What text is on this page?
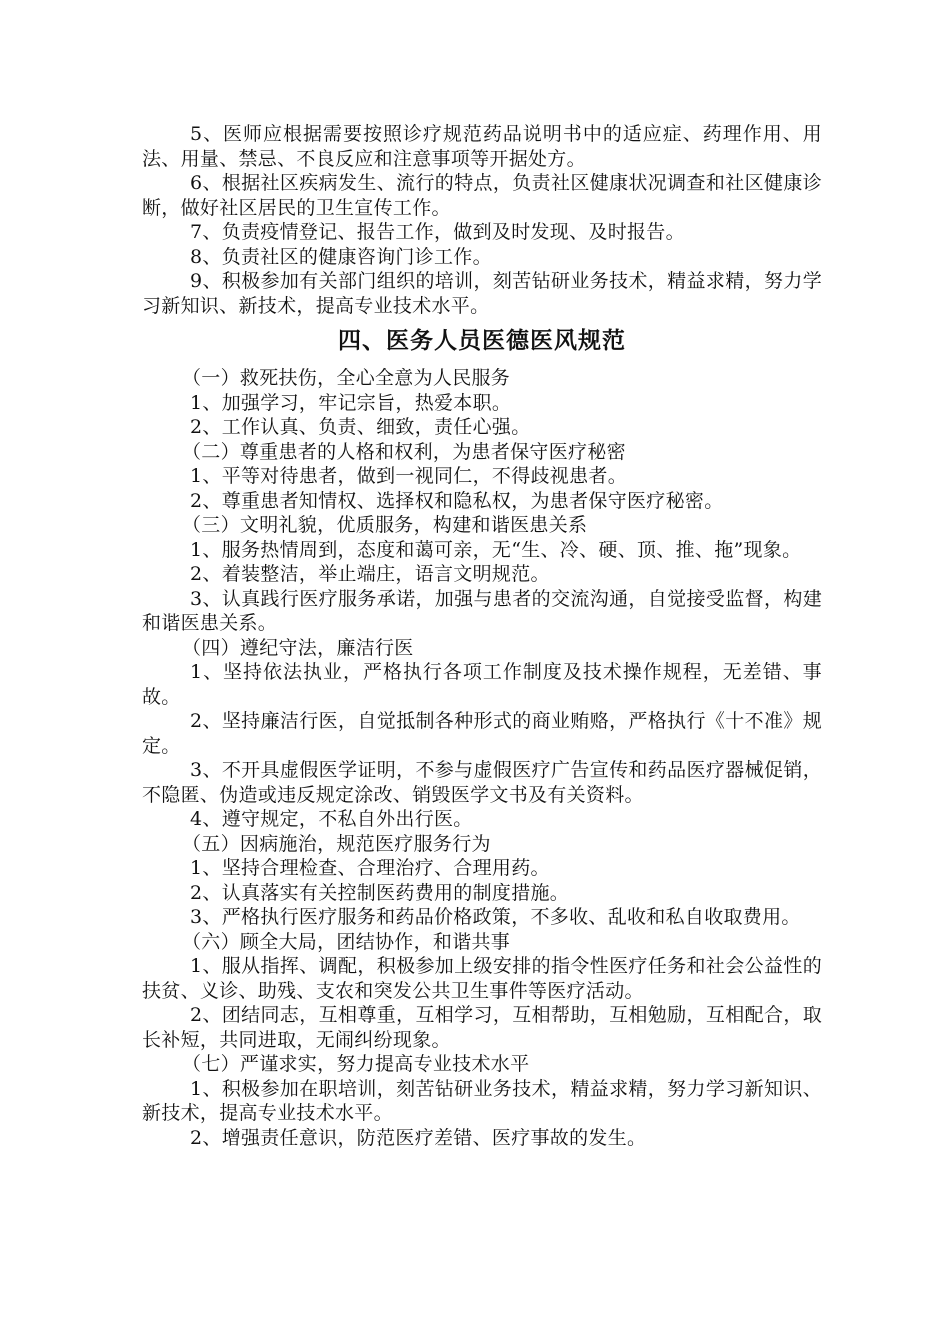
5、医师应根据需要按照诊疗规范药品说明书中的适应症、药理作用、用法、用量、禁忌、不良反应和注意事项等开据处方。

6、根据社区疾病发生、流行的特点，负责社区健康状况调查和社区健康诊断，做好社区居民的卫生宣传工作。

7、负责疫情登记、报告工作，做到及时发现、及时报告。

8、负责社区的健康咨询门诊工作。

9、积极参加有关部门组织的培训，刻苦钻研业务技术，精益求精，努力学习新知识、新技术，提高专业技术水平。

四、医务人员医德医风规范

（一）救死扶伤，全心全意为人民服务

1、加强学习，牢记宗旨，热爱本职。

2、工作认真、负责、细致，责任心强。

（二）尊重患者的人格和权利，为患者保守医疗秘密

1、平等对待患者，做到一视同仁，不得歧视患者。

2、尊重患者知情权、选择权和隐私权，为患者保守医疗秘密。

（三）文明礼貌，优质服务，构建和谐医患关系

1、服务热情周到，态度和蔼可亲，无“生、冷、硬、顶、推、拖”现象。

2、着装整洁，举止端庄，语言文明规范。

3、认真践行医疗服务承诺，加强与患者的交流沟通，自觉接受监督，构建和谐医患关系。

（四）遵纪守法，廉洁行医

1、坚持依法执业，严格执行各项工作制度及技术操作规程，无差错、事故。

2、坚持廉洁行医，自觉抵制各种形式的商业贿赂，严格执行《十不准》规定。

3、不开具虚假医学证明，不参与虚假医疗广告宣传和药品医疗器械促销，不隐匿、伪造或违反规定涂改、销毁医学文书及有关资料。

4、遵守规定，不私自外出行医。

（五）因病施治，规范医疗服务行为

1、坚持合理检查、合理治疗、合理用药。

2、认真落实有关控制医药费用的制度措施。

3、严格执行医疗服务和药品价格政策，不多收、乱收和私自收取费用。

（六）顾全大局，团结协作，和谐共事

1、服从指挥、调配，积极参加上级安排的指令性医疗任务和社会公益性的扶贫、义诊、助残、支农和突发公共卫生事件等医疗活动。

2、团结同志，互相尊重，互相学习，互相帮助，互相勉励，互相配合，取长补短，共同进取，无闹纠纷现象。

（七）严谨求实，努力提高专业技术水平

1、积极参加在职培训，刻苦钻研业务技术，精益求精，努力学习新知识、新技术，提高专业技术水平。

2、增强责任意识，防范医疗差错、医疗事故的发生。
